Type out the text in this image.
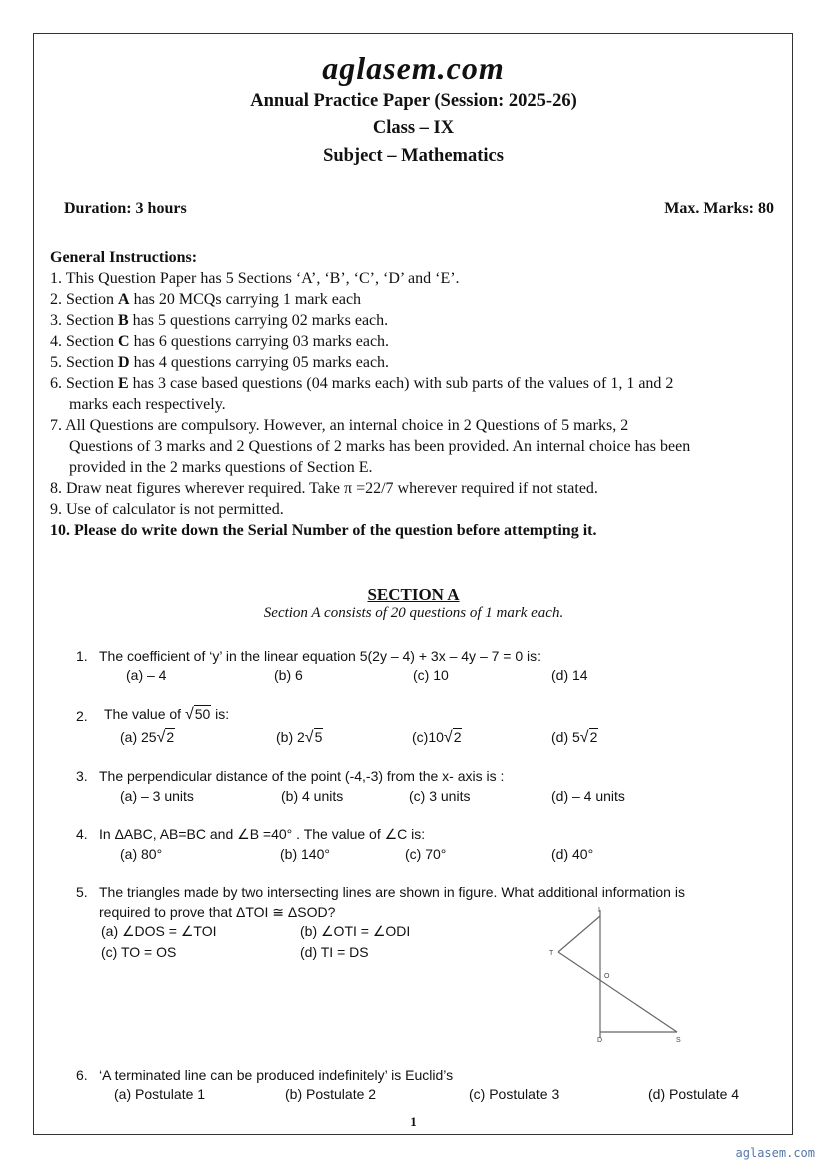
aglasem.com
Annual Practice Paper (Session: 2025-26)
Class – IX
Subject – Mathematics
Duration: 3 hours	Max. Marks: 80
General Instructions:
1. This Question Paper has 5 Sections ‘A’, ‘B’, ‘C’, ‘D’ and ‘E’.
2. Section A has 20 MCQs carrying 1 mark each
3. Section B has 5 questions carrying 02 marks each.
4. Section C has 6 questions carrying 03 marks each.
5. Section D has 4 questions carrying 05 marks each.
6. Section E has 3 case based questions (04 marks each) with sub parts of the values of 1, 1 and 2
marks each respectively.
7. All Questions are compulsory. However, an internal choice in 2 Questions of 5 marks, 2
Questions of 3 marks and 2 Questions of 2 marks has been provided. An internal choice has been
provided in the 2 marks questions of Section E.
8. Draw neat figures wherever required. Take π =22/7 wherever required if not stated.
9. Use of calculator is not permitted.
10. Please do write down the Serial Number of the question before attempting it.
SECTION A
Section A consists of 20 questions of 1 mark each.
1. The coefficient of ‘y’ in the linear equation 5(2y – 4) + 3x – 4y – 7 = 0 is:
(a) – 4	(b) 6	(c) 10	(d) 14
2. The value of √50 is:
(a) 25√2	(b) 2√5	(c)10√2	(d) 5√2
3. The perpendicular distance of the point (-4,-3) from the x- axis is :
(a) – 3 units	(b) 4 units	(c) 3 units	(d) – 4 units
4. In ΔABC, AB=BC and ∠B =40° . The value of ∠C is:
(a) 80°	(b) 140°	(c) 70°	(d) 40°
5. The triangles made by two intersecting lines are shown in figure. What additional information is
required to prove that ΔTOI ≅ ΔSOD?
(a) ∠DOS = ∠TOI	(b) ∠OTI = ∠ODI
(c) TO = OS	(d) TI = DS
I
T
O
D	S
6. ‘A terminated line can be produced indefinitely’ is Euclid’s
(a) Postulate 1	(b) Postulate 2	(c) Postulate 3	(d) Postulate 4
1
aglasem.com
